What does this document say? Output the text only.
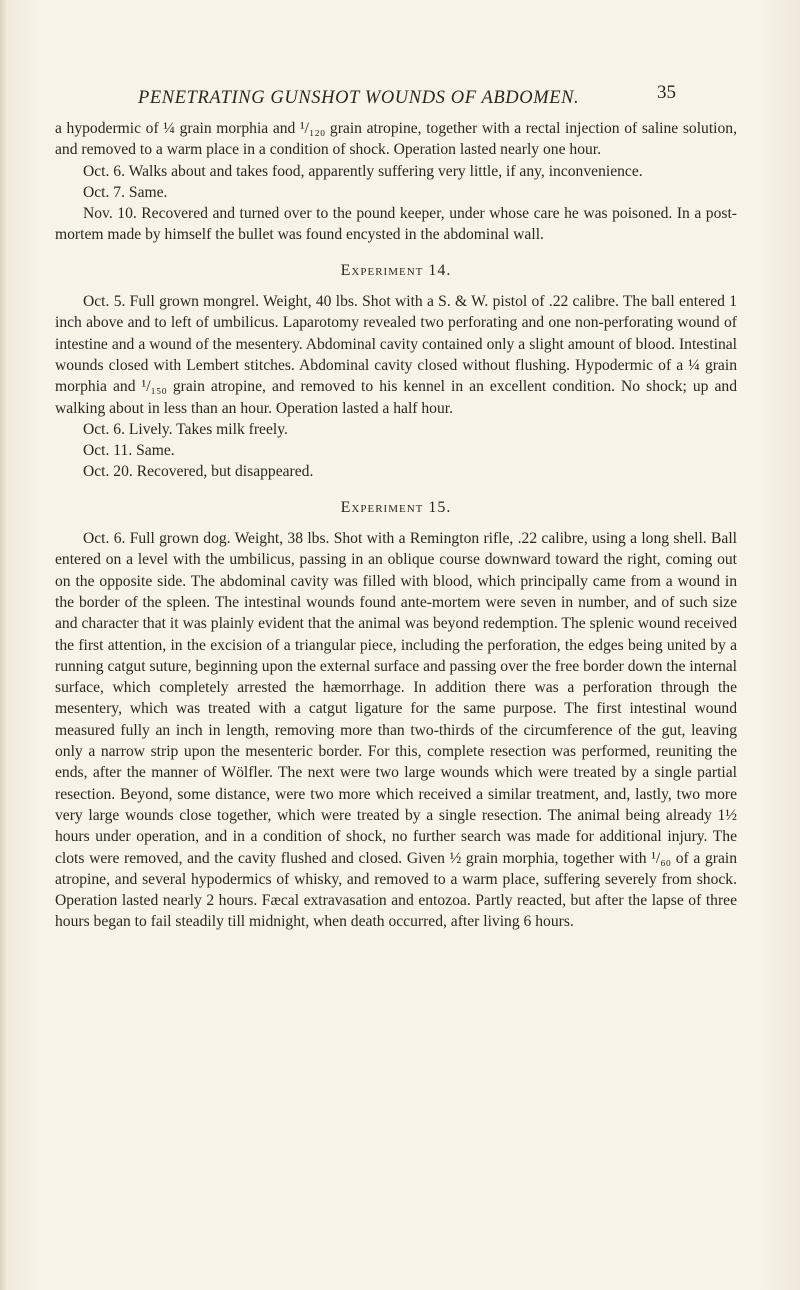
PENETRATING GUNSHOT WOUNDS OF ABDOMEN.	35

a hypodermic of ¼ grain morphia and ¹/₁₂₀ grain atropine, together with a rectal injection of saline solution, and removed to a warm place in a condition of shock. Operation lasted nearly one hour.

Oct. 6. Walks about and takes food, apparently suffering very little, if any, inconvenience.

Oct. 7. Same.

Nov. 10. Recovered and turned over to the pound keeper, under whose care he was poisoned. In a post-mortem made by himself the bullet was found encysted in the abdominal wall.

Experiment 14.

Oct. 5. Full grown mongrel. Weight, 40 lbs. Shot with a S. & W. pistol of .22 calibre. The ball entered 1 inch above and to left of umbilicus. Laparotomy revealed two perforating and one non-perforating wound of intestine and a wound of the mesentery. Abdominal cavity contained only a slight amount of blood. Intestinal wounds closed with Lembert stitches. Abdominal cavity closed without flushing. Hypodermic of a ¼ grain morphia and ¹/₁₅₀ grain atropine, and removed to his kennel in an excellent condition. No shock; up and walking about in less than an hour. Operation lasted a half hour.

Oct. 6. Lively. Takes milk freely.

Oct. 11. Same.

Oct. 20. Recovered, but disappeared.

Experiment 15.

Oct. 6. Full grown dog. Weight, 38 lbs. Shot with a Remington rifle, .22 calibre, using a long shell. Ball entered on a level with the umbilicus, passing in an oblique course downward toward the right, coming out on the opposite side. The abdominal cavity was filled with blood, which principally came from a wound in the border of the spleen. The intestinal wounds found ante-mortem were seven in number, and of such size and character that it was plainly evident that the animal was beyond redemption. The splenic wound received the first attention, in the excision of a triangular piece, including the perforation, the edges being united by a running catgut suture, beginning upon the external surface and passing over the free border down the internal surface, which completely arrested the hæmorrhage. In addition there was a perforation through the mesentery, which was treated with a catgut ligature for the same purpose. The first intestinal wound measured fully an inch in length, removing more than two-thirds of the circumference of the gut, leaving only a narrow strip upon the mesenteric border. For this, complete resection was performed, reuniting the ends, after the manner of Wölfler. The next were two large wounds which were treated by a single partial resection. Beyond, some distance, were two more which received a similar treatment, and, lastly, two more very large wounds close together, which were treated by a single resection. The animal being already 1½ hours under operation, and in a condition of shock, no further search was made for additional injury. The clots were removed, and the cavity flushed and closed. Given ½ grain morphia, together with ¹/₆₀ of a grain atropine, and several hypodermics of whisky, and removed to a warm place, suffering severely from shock. Operation lasted nearly 2 hours. Fæcal extravasation and entozoa. Partly reacted, but after the lapse of three hours began to fail steadily till midnight, when death occurred, after living 6 hours.
